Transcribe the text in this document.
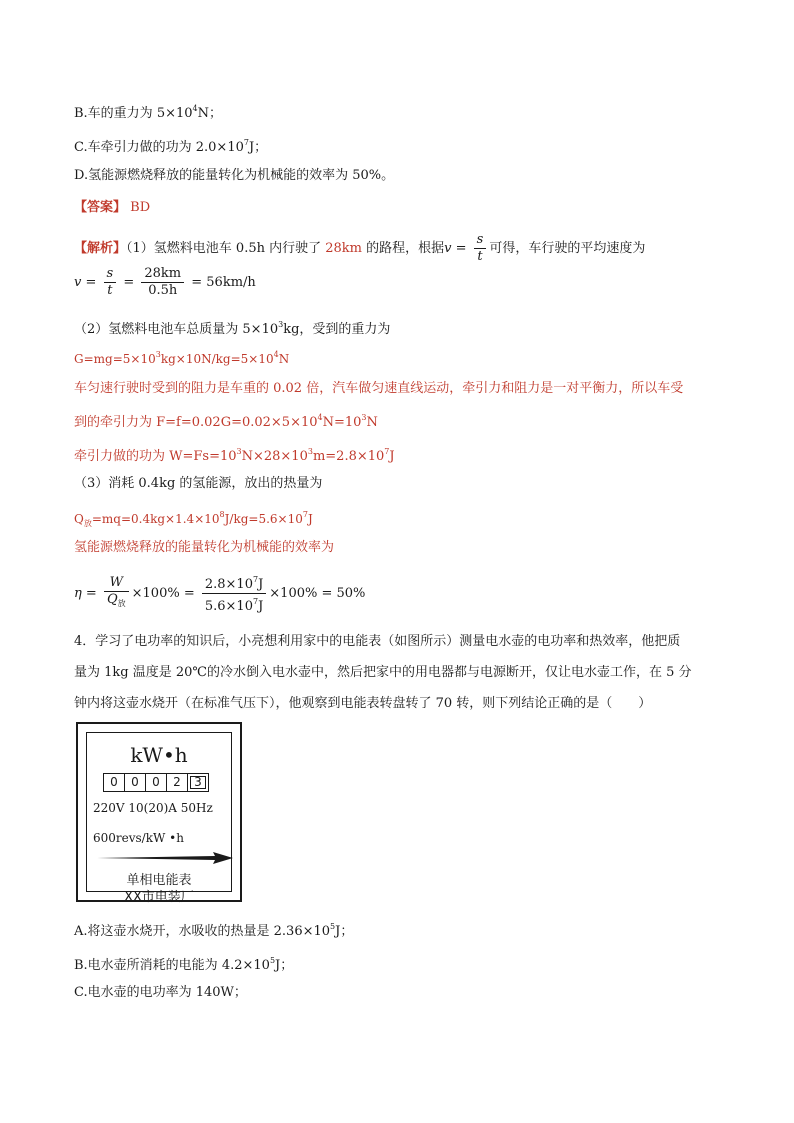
B.车的重力为 $5\times 10^4N$；
C.车牵引力做的功为 $2.0\times 10^7J$；
D.氢能源燃烧释放的能量转化为机械能的效率为 50%。
【答案】 BD
【解析】（1）氢燃料电池车 0.5h 内行驶了 28km 的路程，根据$v = \frac{s}{t}$ 可得，车行驶的平均速度为
$v = \frac{s}{t} = \frac{28km}{0.5h} = 56km/h$
（2）氢燃料电池车总质量为 $5\times 10^3kg$，受到的重力为
$G=mg=5\times 10^3kg\times 10N/kg=5\times 10^4N$
车匀速行驶时受到的阻力是车重的 0.02 倍，汽车做匀速直线运动，牵引力和阻力是一对平衡力，所以车受
到的牵引力为 $F=f=0.02G=0.02\times 5\times 10^4N=10^3N$
牵引力做的功为 $W=Fs=10^3N\times 28\times 10^3m=2.8\times 10^7J$
（3）消耗 0.4kg 的氢能源，放出的热量为
$Q_放=mq=0.4kg\times 1.4\times 10^8J/kg=5.6\times 10^7J$
氢能源燃烧释放的能量转化为机械能的效率为
$\eta = \frac{W}{Q_放} \times 100\% = \frac{2.8\times 10^7J}{5.6\times 10^7J} \times 100\% = 50\%$
4．学习了电功率的知识后，小亮想利用家中的电能表（如图所示）测量电水壶的电功率和热效率，他把质
量为 1kg 温度是 20℃的冷水倒入电水壶中，然后把家中的用电器都与电源断开，仅让电水壶工作，在 5 分
钟内将这壶水烧开（在标准气压下），他观察到电能表转盘转了 70 转，则下列结论正确的是（　　）
kW•h
0	0	0	2	3
220V 10(20)A 50Hz
600revs/kW •h
单相电能表
XX市电装厂
A.将这壶水烧开，水吸收的热量是 $2.36\times 10^5J$；
B.电水壶所消耗的电能为 $4.2\times 10^5J$；
C.电水壶的电功率为 140W；
